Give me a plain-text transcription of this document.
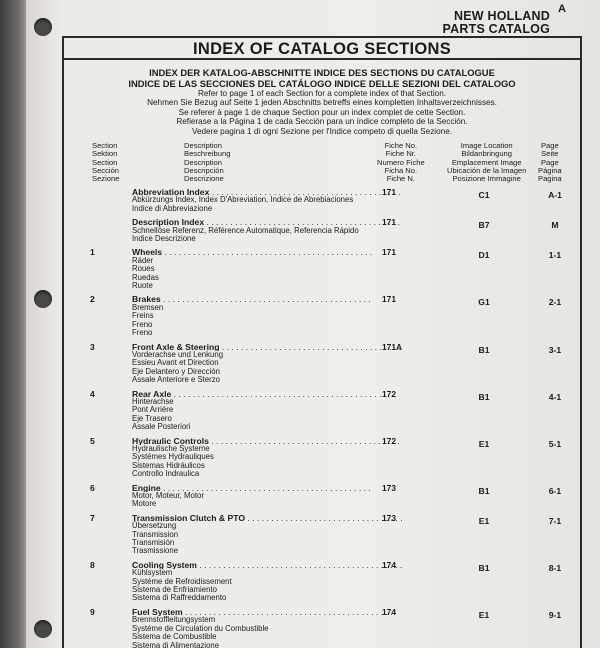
A
NEW HOLLAND
PARTS CATALOG
INDEX OF CATALOG SECTIONS
INDEX DER KATALOG-ABSCHNITTE INDICE DES SECTIONS DU CATALOGUE
INDICE DE LAS SECCIONES DEL CATÁLOGO INDICE DELLE SEZIONI DEL CATALOGO
Refer to page 1 of each Section for a complete index of that Section.
Nehmen Sie Bezug auf Seite 1 jeden Abschnitts betreffs eines kompletten Inhaltsverzeichnisses.
Se referer à page 1 de chaque Section pour un index complet de cette Section.
Refierase a la Página 1 de cada Sección para un índice completo de la Sección.
Vedere pagina 1 di ogni Sezione per l'Indice competo di quella Sezione.
Section
Sektion
Section
Sección
Sezione
Description
Beschreibung
Description
Descripción
Descrizione
Fiche No.
Fiche Nr.
Numero Fiche
Ficha No.
Fiche N.
Image Location
Bildanbringung
Emplacement Image
Ubicación de la Imagen
Posizione Immagine
Page
Seite
Page
Página
Pagina
Abbreviation Index . . .
Abkürzungs Index, Index D'Abreviation, Indice de Abrebiaciones
Indice di Abbreviazione
171	C1	A-1
Description Index . . .
Schnellöse Referenz, Référence Automatique, Referencia Rápido
Indice Descrizione
171	B7	M
1	Wheels . . .
Räder
Roues
Ruedas
Ruote
171	D1	1-1
2	Brakes . . .
Bremsen
Freins
Freno
Freno
171	G1	2-1
3	Front Axle & Steering . . .
Vorderachse und Lenkung
Essieu Avant et Direction
Eje Delantero y Dirección
Assale Anteriore e Sterzo
171A	B1	3-1
4	Rear Axle . . .
Hinterachse
Pont Arrière
Eje Trasero
Assale Posteriori
172	B1	4-1
5	Hydraulic Controls . . .
Hydraulische Systeme
Systémes Hydrauliques
Sistemas Hidráulicos
Controllo Indraulica
172	E1	5-1
6	Engine . . .
Motor, Moteur, Motor
Motore
173	B1	6-1
7	Transmission Clutch & PTO . . .
Übersetzung
Transmission
Transmisión
Trasmissione
173	E1	7-1
8	Cooling System . . .
Kühlsystem
Systéme de Refroidissement
Sistema de Enfriamiento
Sistema di Raffreddamento
174	B1	8-1
9	Fuel System . . .
Brennstoffleitungsystem
Systéme de Circulation du Combustible
Sistema de Combustible
Sistema di Alimentazione
174	E1	9-1
